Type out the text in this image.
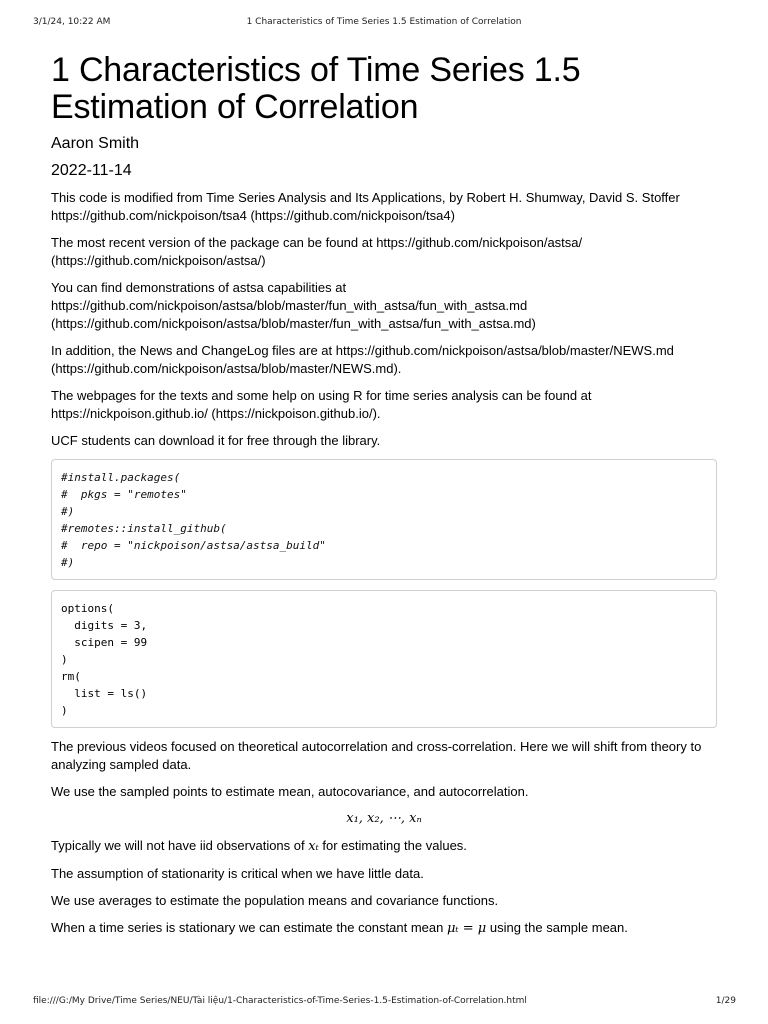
3/1/24, 10:22 AM	1 Characteristics of Time Series 1.5 Estimation of Correlation
1 Characteristics of Time Series 1.5 Estimation of Correlation
Aaron Smith
2022-11-14

This code is modified from Time Series Analysis and Its Applications, by Robert H. Shumway, David S. Stoffer https://github.com/nickpoison/tsa4 (https://github.com/nickpoison/tsa4)

The most recent version of the package can be found at https://github.com/nickpoison/astsa/ (https://github.com/nickpoison/astsa/)

You can find demonstrations of astsa capabilities at https://github.com/nickpoison/astsa/blob/master/fun_with_astsa/fun_with_astsa.md (https://github.com/nickpoison/astsa/blob/master/fun_with_astsa/fun_with_astsa.md)

In addition, the News and ChangeLog files are at https://github.com/nickpoison/astsa/blob/master/NEWS.md (https://github.com/nickpoison/astsa/blob/master/NEWS.md).

The webpages for the texts and some help on using R for time series analysis can be found at https://nickpoison.github.io/ (https://nickpoison.github.io/).

UCF students can download it for free through the library.

#install.packages(
#  pkgs = "remotes"
#)
#remotes::install_github(
#  repo = "nickpoison/astsa/astsa_build"
#)
options(
digits = 3,
scipen = 99
)
rm(
list = ls()
)

The previous videos focused on theoretical autocorrelation and cross-correlation. Here we will shift from theory to analyzing sampled data.

We use the sampled points to estimate mean, autocovariance, and autocorrelation.

x₁, x₂, ⋯, xₙ

Typically we will not have iid observations of xₜ for estimating the values.

The assumption of stationarity is critical when we have little data.

We use averages to estimate the population means and covariance functions.

When a time series is stationary we can estimate the constant mean μₜ = μ using the sample mean.

file:///G:/My Drive/Time Series/NEU/Tài liệu/1-Characteristics-of-Time-Series-1.5-Estimation-of-Correlation.html	1/29
